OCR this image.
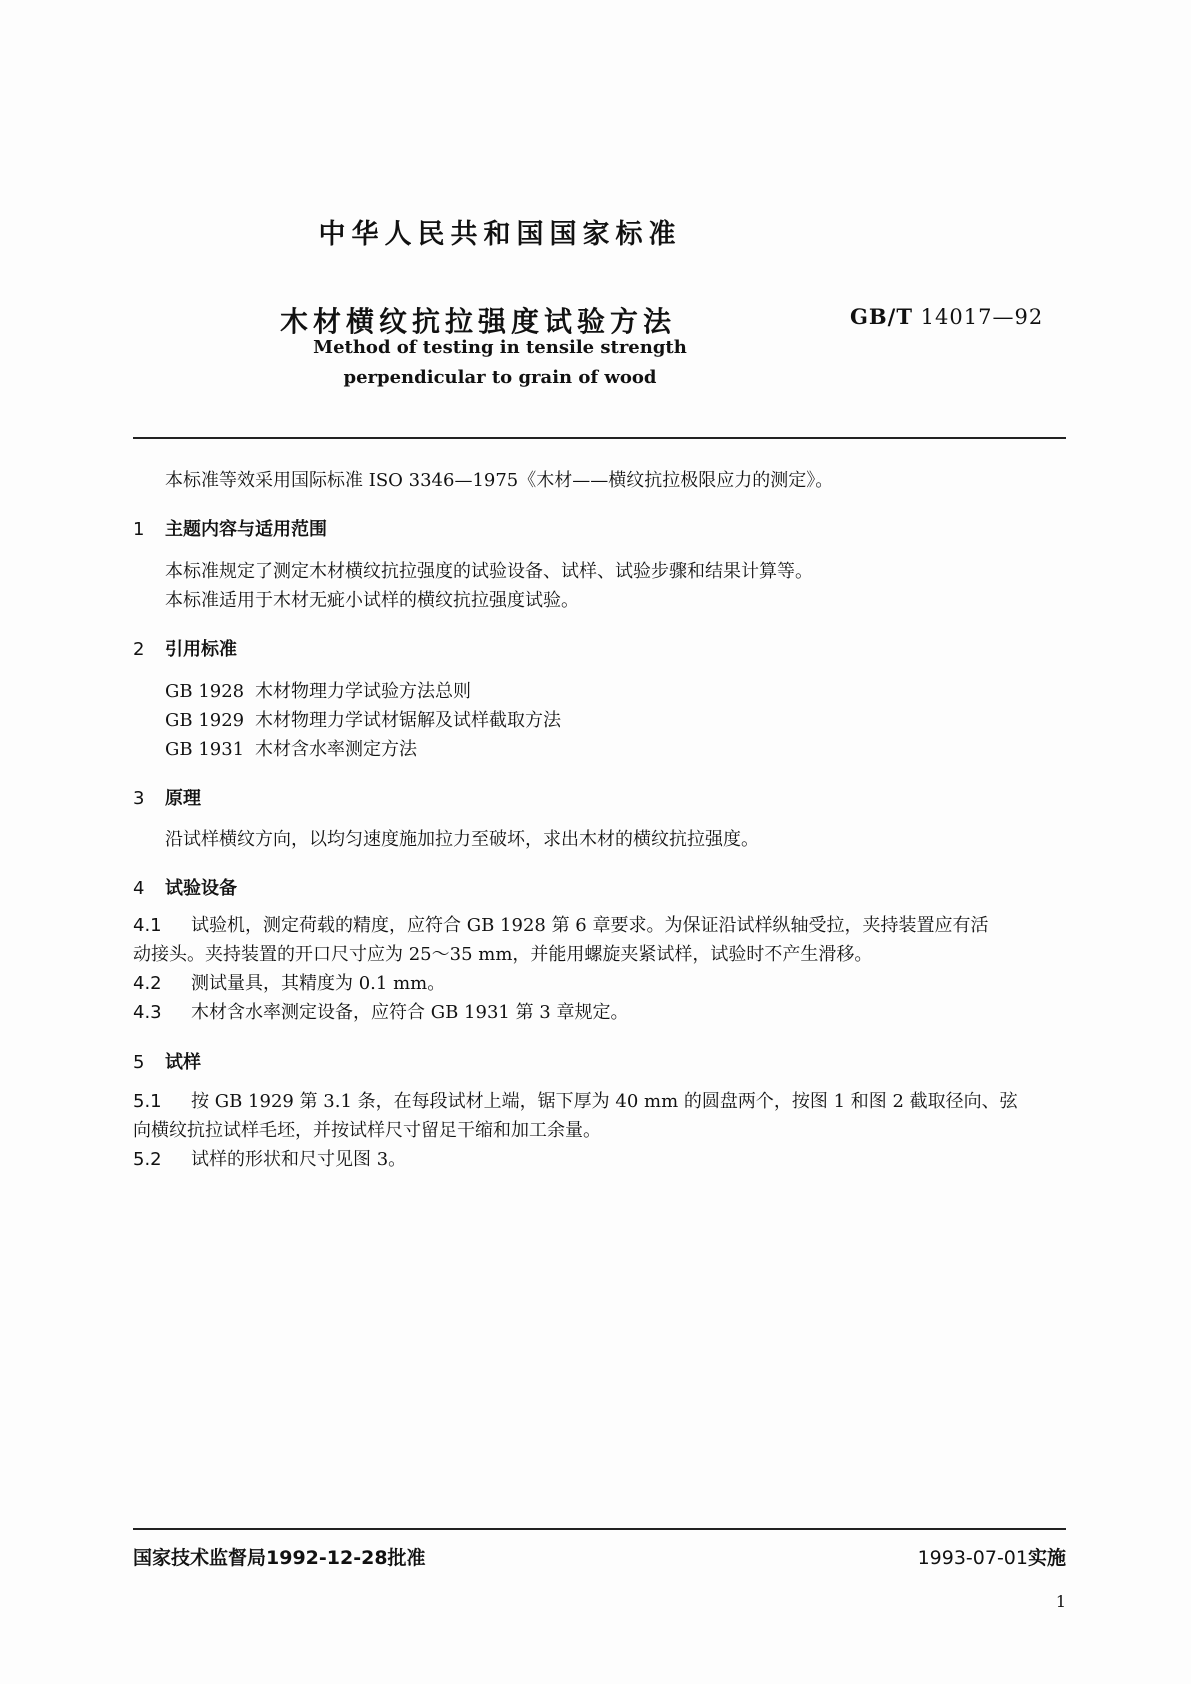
中华人民共和国国家标准
木材横纹抗拉强度试验方法	GB/T 14017—92
Method of testing in tensile strength
perpendicular to grain of wood
本标准等效采用国际标准 ISO 3346—1975《木材——横纹抗拉极限应力的测定》。
1 主题内容与适用范围
本标准规定了测定木材横纹抗拉强度的试验设备、试样、试验步骤和结果计算等。
本标准适用于木材无疵小试样的横纹抗拉强度试验。
2 引用标准
GB 1928 木材物理力学试验方法总则
GB 1929 木材物理力学试材锯解及试样截取方法
GB 1931 木材含水率测定方法
3 原理
沿试样横纹方向，以均匀速度施加拉力至破坏，求出木材的横纹抗拉强度。
4 试验设备
4.1 试验机，测定荷载的精度，应符合 GB 1928 第 6 章要求。为保证沿试样纵轴受拉，夹持装置应有活
动接头。夹持装置的开口尺寸应为 25～35 mm，并能用螺旋夹紧试样，试验时不产生滑移。
4.2 测试量具，其精度为 0.1 mm。
4.3 木材含水率测定设备，应符合 GB 1931 第 3 章规定。
5 试样
5.1 按 GB 1929 第 3.1 条，在每段试材上端，锯下厚为 40 mm 的圆盘两个，按图 1 和图 2 截取径向、弦
向横纹抗拉试样毛坯，并按试样尺寸留足干缩和加工余量。
5.2 试样的形状和尺寸见图 3。
国家技术监督局1992-12-28批准	1993-07-01实施
1
